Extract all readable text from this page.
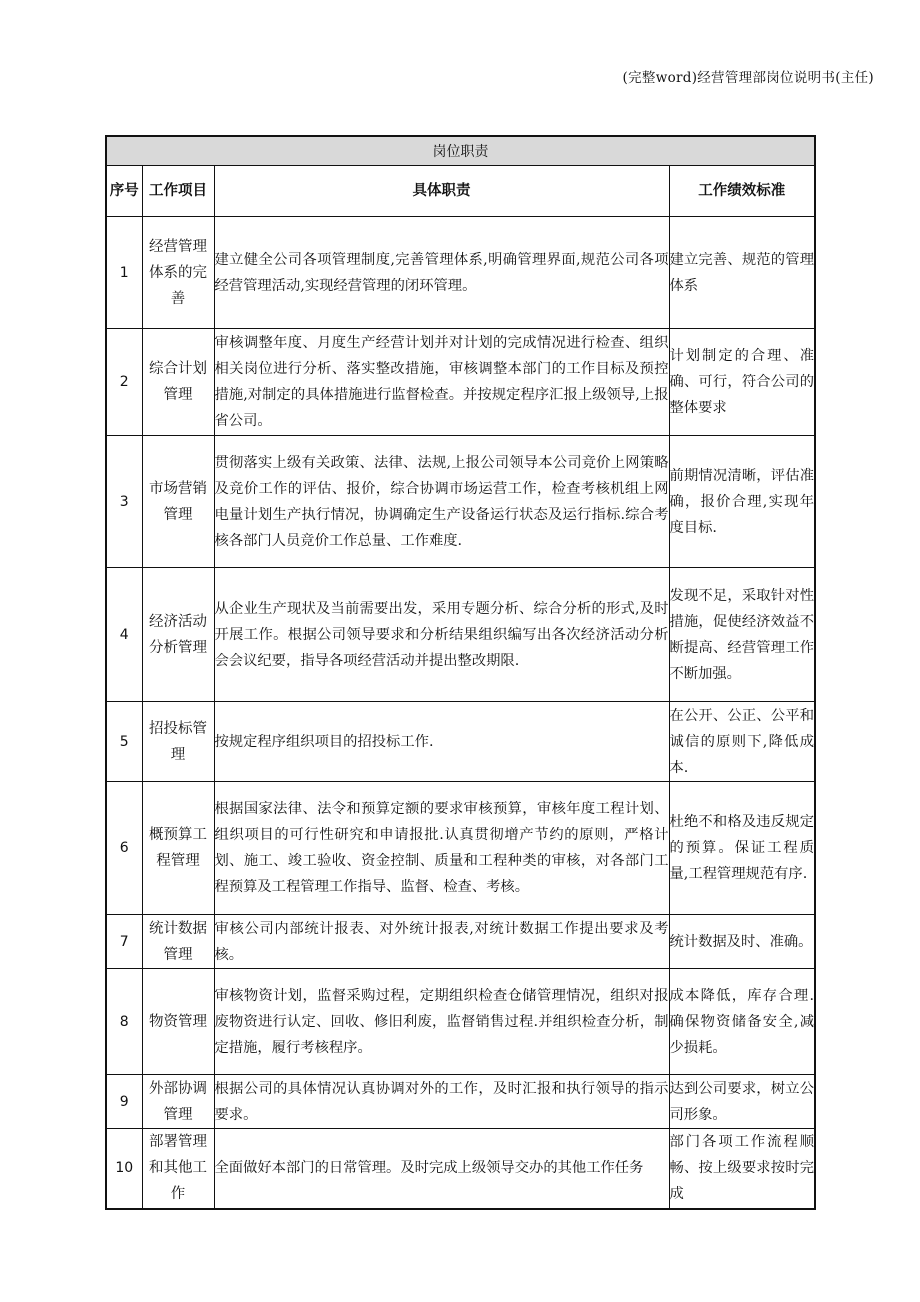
(完整word)经营管理部岗位说明书(主任)
岗位职责			
序号	工作项目	具体职责	工作绩效标准
1	经营管理体系的完善	建立健全公司各项管理制度,完善管理体系,明确管理界面,规范公司各项经营管理活动,实现经营管理的闭环管理。	建立完善、规范的管理体系
2	综合计划管理	审核调整年度、月度生产经营计划并对计划的完成情况进行检查、组织相关岗位进行分析、落实整改措施，审核调整本部门的工作目标及预控措施,对制定的具体措施进行监督检查。并按规定程序汇报上级领导,上报省公司。	计划制定的合理、准确、可行，符合公司的整体要求
3	市场营销管理	贯彻落实上级有关政策、法律、法规,上报公司领导本公司竞价上网策略及竞价工作的评估、报价，综合协调市场运营工作，检查考核机组上网电量计划生产执行情况，协调确定生产设备运行状态及运行指标.综合考核各部门人员竞价工作总量、工作难度.	前期情况清晰，评估准确，报价合理,实现年度目标.
4	经济活动分析管理	从企业生产现状及当前需要出发，采用专题分析、综合分析的形式,及时开展工作。根据公司领导要求和分析结果组织编写出各次经济活动分析会会议纪要，指导各项经营活动并提出整改期限.	发现不足，采取针对性措施，促使经济效益不断提高、经营管理工作不断加强。
5	招投标管理	按规定程序组织项目的招投标工作.	在公开、公正、公平和诚信的原则下,降低成本.
6	概预算工程管理	根据国家法律、法令和预算定额的要求审核预算，审核年度工程计划、组织项目的可行性研究和申请报批.认真贯彻增产节约的原则，严格计划、施工、竣工验收、资金控制、质量和工程种类的审核，对各部门工程预算及工程管理工作指导、监督、检查、考核。	杜绝不和格及违反规定的预算。保证工程质量,工程管理规范有序.
7	统计数据管理	审核公司内部统计报表、对外统计报表,对统计数据工作提出要求及考核。	统计数据及时、准确。
8	物资管理	审核物资计划，监督采购过程，定期组织检查仓储管理情况，组织对报废物资进行认定、回收、修旧利废，监督销售过程.并组织检查分析，制定措施，履行考核程序。	成本降低，库存合理.确保物资储备安全,减少损耗。
9	外部协调管理	根据公司的具体情况认真协调对外的工作，及时汇报和执行领导的指示要求。	达到公司要求，树立公司形象。
10	部署管理和其他工作	全面做好本部门的日常管理。及时完成上级领导交办的其他工作任务	部门各项工作流程顺畅、按上级要求按时完成
